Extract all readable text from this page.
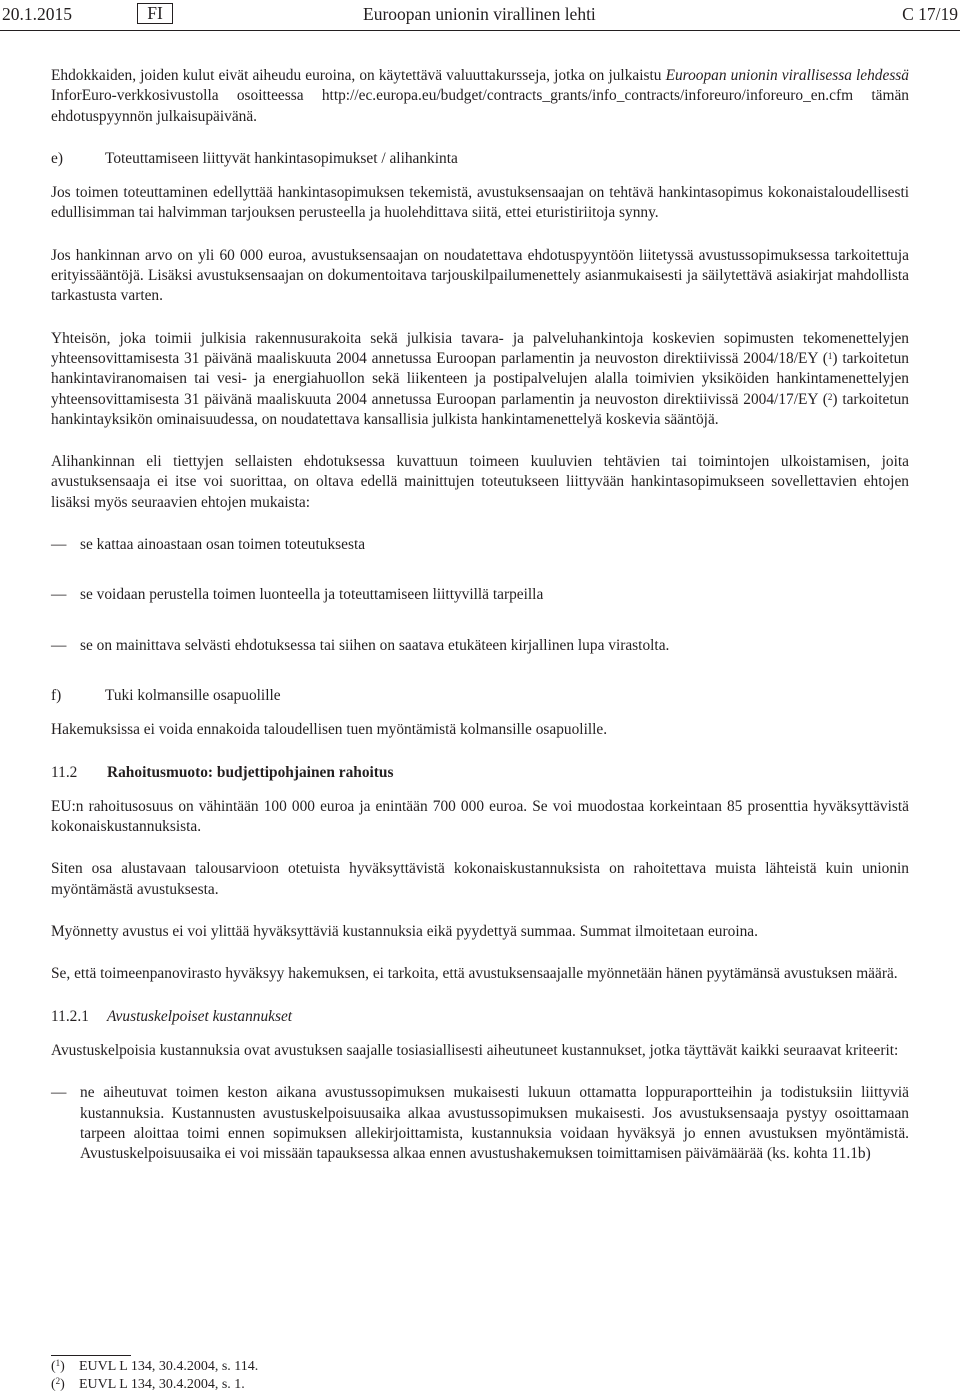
20.1.2015	FI	Euroopan unionin virallinen lehti	C 17/19

Ehdokkaiden, joiden kulut eivät aiheudu euroina, on käytettävä valuuttakursseja, jotka on julkaistu Euroopan unionin virallisessa lehdessä InforEuro-verkkosivustolla osoitteessa http://ec.europa.eu/budget/contracts_grants/info_contracts/inforeuro/inforeuro_en.cfm tämän ehdotuspyynnön julkaisupäivänä.

e)	Toteuttamiseen liittyvät hankintasopimukset / alihankinta

Jos toimen toteuttaminen edellyttää hankintasopimuksen tekemistä, avustuksensaajan on tehtävä hankintasopimus kokonaistaloudellisesti edullisimman tai halvimman tarjouksen perusteella ja huolehdittava siitä, ettei eturistiriitoja synny.

Jos hankinnan arvo on yli 60 000 euroa, avustuksensaajan on noudatettava ehdotuspyyntöön liitetyssä avustussopimuksessa tarkoitettuja erityissääntöjä. Lisäksi avustuksensaajan on dokumentoitava tarjouskilpailumenettely asianmukaisesti ja säilytettävä asiakirjat mahdollista tarkastusta varten.

Yhteisön, joka toimii julkisia rakennusurakoita sekä julkisia tavara- ja palveluhankintoja koskevien sopimusten tekomenettelyjen yhteensovittamisesta 31 päivänä maaliskuuta 2004 annetussa Euroopan parlamentin ja neuvoston direktiivissä 2004/18/EY ($^1$) tarkoitetun hankintaviranomaisen tai vesi- ja energiahuollon sekä liikenteen ja postipalvelujen alalla toimivien yksiköiden hankintamenettelyjen yhteensovittamisesta 31 päivänä maaliskuuta 2004 annetussa Euroopan parlamentin ja neuvoston direktiivissä 2004/17/EY ($^2$) tarkoitetun hankintayksikön ominaisuudessa, on noudatettava kansallisia julkista hankintamenettelyä koskevia sääntöjä.

Alihankinnan eli tiettyjen sellaisten ehdotuksessa kuvattuun toimeen kuuluvien tehtävien tai toimintojen ulkoistamisen, joita avustuksensaaja ei itse voi suorittaa, on oltava edellä mainittujen toteutukseen liittyvään hankintasopimukseen sovellettavien ehtojen lisäksi myös seuraavien ehtojen mukaista:

— se kattaa ainoastaan osan toimen toteutuksesta
— se voidaan perustella toimen luonteella ja toteuttamiseen liittyvillä tarpeilla
— se on mainittava selvästi ehdotuksessa tai siihen on saatava etukäteen kirjallinen lupa virastolta.
f)	Tuki kolmansille osapuolille

Hakemuksissa ei voida ennakoida taloudellisen tuen myöntämistä kolmansille osapuolille.

11.2 Rahoitusmuoto: budjettipohjainen rahoitus

EU:n rahoitusosuus on vähintään 100 000 euroa ja enintään 700 000 euroa. Se voi muodostaa korkeintaan 85 prosenttia hyväksyttävistä kokonaiskustannuksista.

Siten osa alustavaan talousarvioon otetuista hyväksyttävistä kokonaiskustannuksista on rahoitettava muista lähteistä kuin unionin myöntämästä avustuksesta.

Myönnetty avustus ei voi ylittää hyväksyttäviä kustannuksia eikä pyydettyä summaa. Summat ilmoitetaan euroina.

Se, että toimeenpanovirasto hyväksyy hakemuksen, ei tarkoita, että avustuksensaajalle myönnetään hänen pyytämänsä avustuksen määrä.

11.2.1 Avustuskelpoiset kustannukset

Avustuskelpoisia kustannuksia ovat avustuksen saajalle tosiasiallisesti aiheutuneet kustannukset, jotka täyttävät kaikki seuraavat kriteerit:

— ne aiheutuvat toimen keston aikana avustussopimuksen mukaisesti lukuun ottamatta loppuraportteihin ja todistuksiin liittyviä kustannuksia. Kustannusten avustuskelpoisuusaika alkaa avustussopimuksen mukaisesti. Jos avustuksensaaja pystyy osoittamaan tarpeen aloittaa toimi ennen sopimuksen allekirjoittamista, kustannuksia voidaan hyväksyä jo ennen avustuksen myöntämistä. Avustuskelpoisuusaika ei voi missään tapauksessa alkaa ennen avustushakemuksen toimittamisen päivämäärää (ks. kohta 11.1b)
($^1$) EUVL L 134, 30.4.2004, s. 114.
($^2$) EUVL L 134, 30.4.2004, s. 1.
